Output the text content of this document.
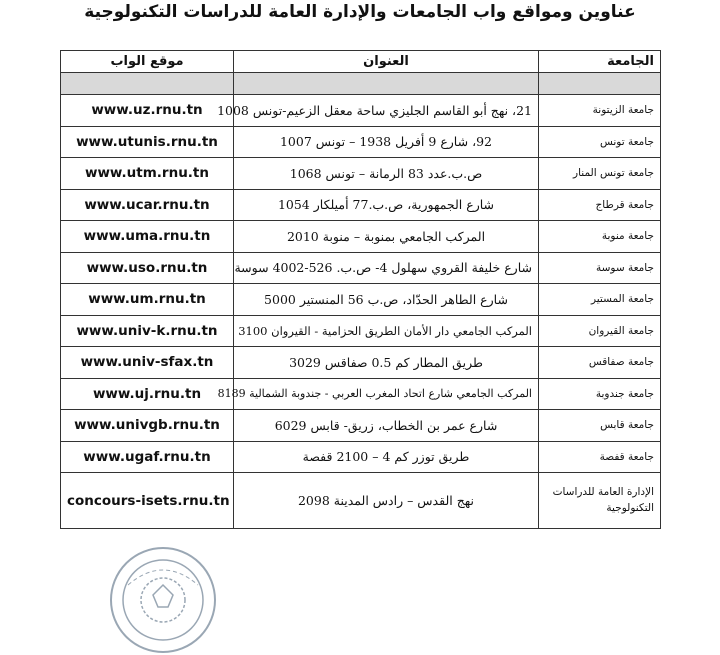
عناوين ومواقع واب الجامعات والإدارة العامة للدراسات التكنولوجية
موقع الواب	العنوان	الجامعة

www.uz.rnu.tn	21، نهج أبو القاسم الجليزي ساحة معقل الزعيم-تونس 1008	جامعة الزيتونة
www.utunis.rnu.tn	92، شارع 9 أفريل 1938 – تونس 1007	جامعة تونس
www.utm.rnu.tn	ص.ب.عدد 83 الرمانة – تونس 1068	جامعة تونس المنار
www.ucar.rnu.tn	شارع الجمهورية، ص.ب.77 أميلكار 1054	جامعة قرطاج
www.uma.rnu.tn	المركب الجامعي بمنوبة – منوبة 2010	جامعة منوبة
www.uso.rnu.tn	شارع خليفة القروي سهلول 4- ص.ب. 526-4002 سوسة	جامعة سوسة
www.um.rnu.tn	شارع الطاهر الحدّاد، ص.ب 56 المنستير 5000	جامعة المستير
www.univ-k.rnu.tn	المركب الجامعي دار الأمان الطريق الحزامية - القيروان 3100	جامعة القيروان
www.univ-sfax.tn	طريق المطار كم 0.5 صفاقس 3029	جامعة صفاقس
www.uj.rnu.tn	المركب الجامعي شارع اتحاد المغرب العربي - جندوبة الشمالية 8189	جامعة جندوبة
www.univgb.rnu.tn	شارع عمر بن الخطاب، زريق- قابس 6029	جامعة قابس
www.ugaf.rnu.tn	طريق توزر كم 4 – 2100 قفصة	جامعة قفصة
concours-isets.rnu.tn	نهج القدس – رادس المدينة 2098	الإدارة العامة للدراسات التكنولوجية
